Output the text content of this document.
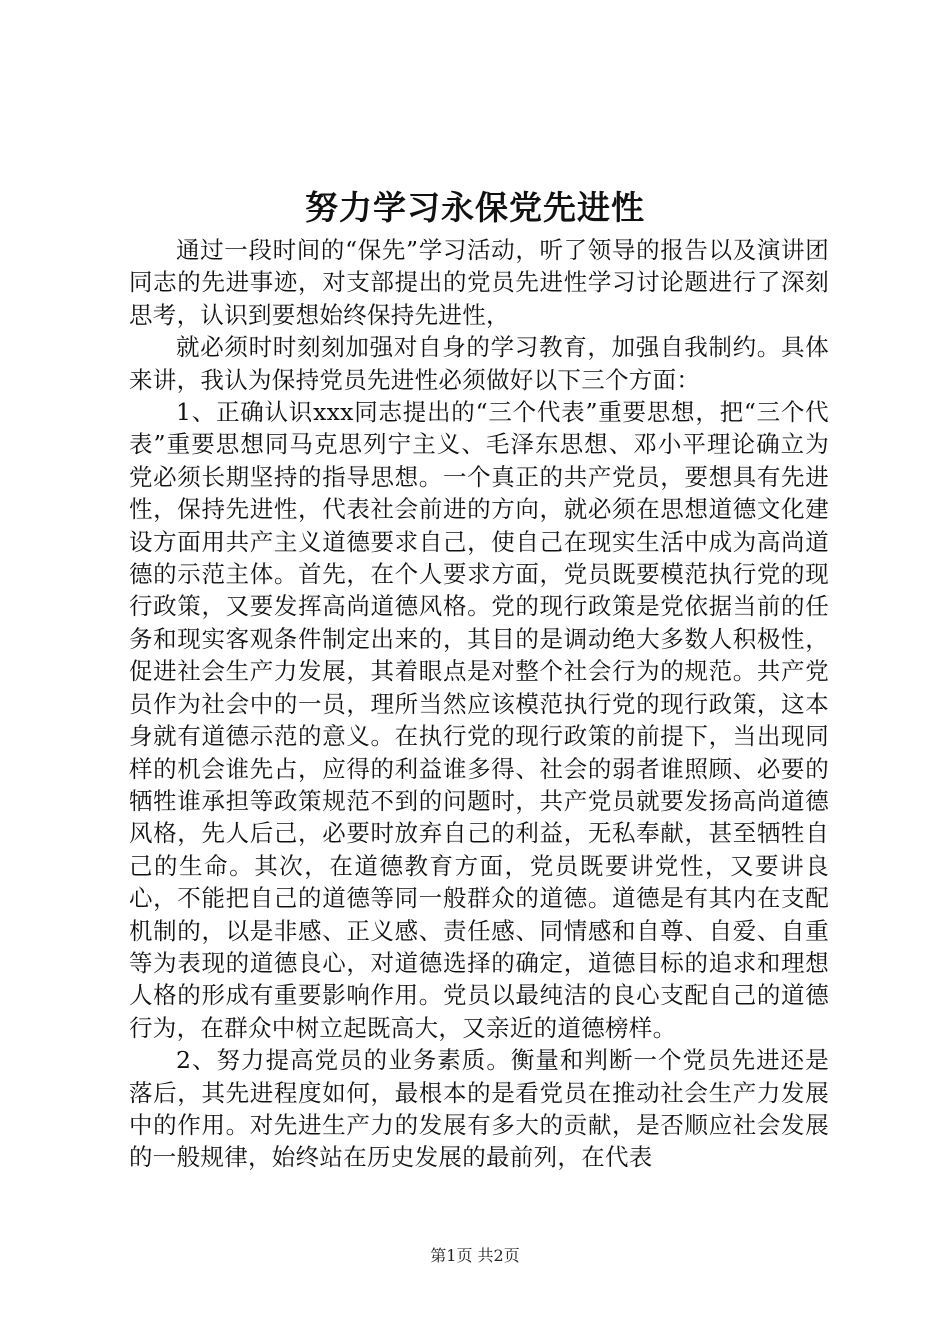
努力学习永保党先进性

通过一段时间的“保先”学习活动，听了领导的报告以及演讲团同志的先进事迹，对支部提出的党员先进性学习讨论题进行了深刻思考，认识到要想始终保持先进性，

就必须时时刻刻加强对自身的学习教育，加强自我制约。具体来讲，我认为保持党员先进性必须做好以下三个方面：

1、正确认识xxx同志提出的“三个代表”重要思想，把“三个代表”重要思想同马克思列宁主义、毛泽东思想、邓小平理论确立为党必须长期坚持的指导思想。一个真正的共产党员，要想具有先进性，保持先进性，代表社会前进的方向，就必须在思想道德文化建设方面用共产主义道德要求自己，使自己在现实生活中成为高尚道德的示范主体。首先，在个人要求方面，党员既要模范执行党的现行政策，又要发挥高尚道德风格。党的现行政策是党依据当前的任务和现实客观条件制定出来的，其目的是调动绝大多数人积极性，促进社会生产力发展，其着眼点是对整个社会行为的规范。共产党员作为社会中的一员，理所当然应该模范执行党的现行政策，这本身就有道德示范的意义。在执行党的现行政策的前提下，当出现同样的机会谁先占，应得的利益谁多得、社会的弱者谁照顾、必要的牺牲谁承担等政策规范不到的问题时，共产党员就要发扬高尚道德风格，先人后己，必要时放弃自己的利益，无私奉献，甚至牺牲自己的生命。其次，在道德教育方面，党员既要讲党性，又要讲良心，不能把自己的道德等同一般群众的道德。道德是有其内在支配机制的，以是非感、正义感、责任感、同情感和自尊、自爱、自重等为表现的道德良心，对道德选择的确定，道德目标的追求和理想人格的形成有重要影响作用。党员以最纯洁的良心支配自己的道德行为，在群众中树立起既高大，又亲近的道德榜样。

2、努力提高党员的业务素质。衡量和判断一个党员先进还是落后，其先进程度如何，最根本的是看党员在推动社会生产力发展中的作用。对先进生产力的发展有多大的贡献，是否顺应社会发展的一般规律，始终站在历史发展的最前列，在代表

第1页 共2页
